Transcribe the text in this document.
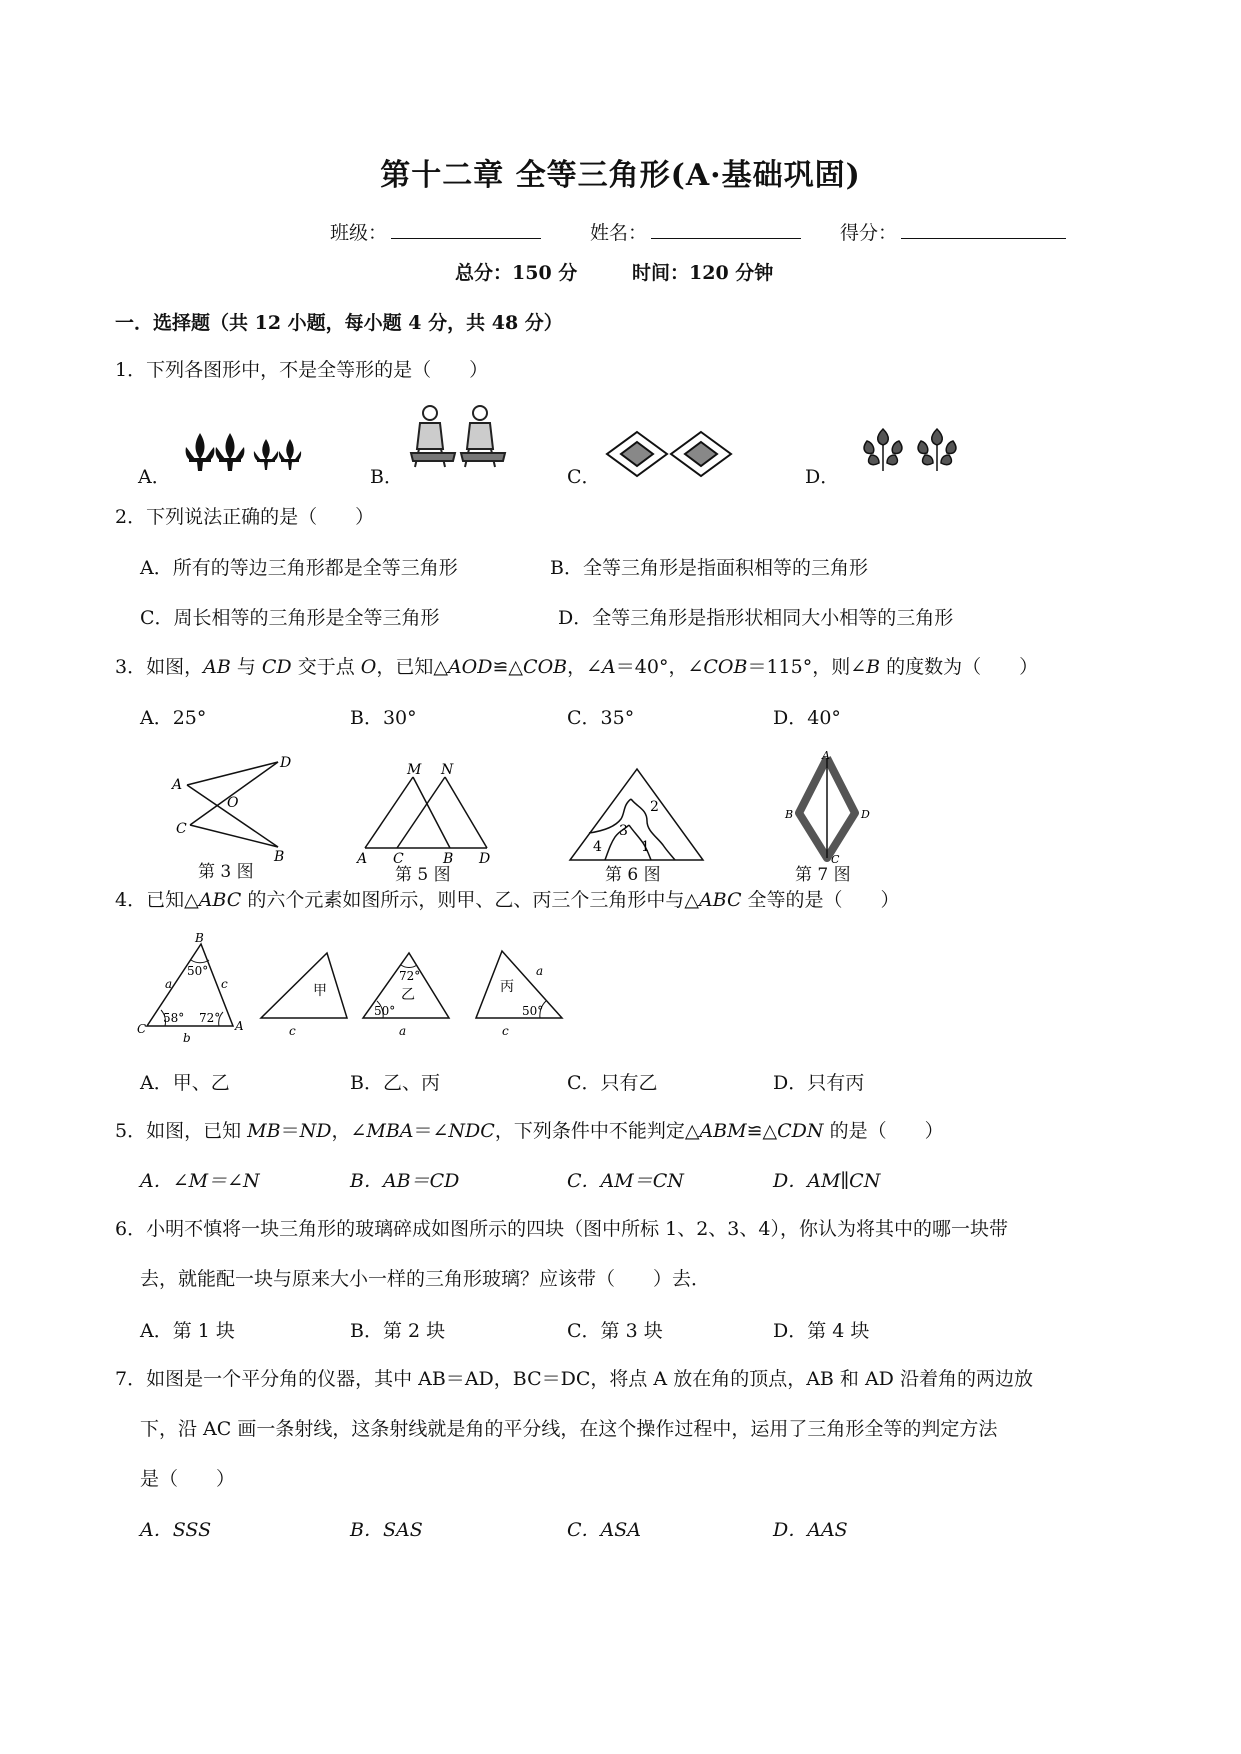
第十二章 全等三角形(A·基础巩固)
班级：	姓名：	得分：
总分：150 分	时间：120 分钟
一．选择题（共 12 小题，每小题 4 分，共 48 分）
1．下列各图形中，不是全等形的是（　　）
A．	B．	C．	D．
2．下列说法正确的是（　　）
A．所有的等边三角形都是全等三角形	B．全等三角形是指面积相等的三角形
C．周长相等的三角形是全等三角形	D．全等三角形是指形状相同大小相等的三角形
3．如图，AB 与 CD 交于点 O，已知△AOD≌△COB，∠A＝40°，∠COB＝115°，则∠B 的度数为（　　）
A．25°	B．30°	C．35°	D．40°
A
D
O
C
B
第 3 图
M N
A C	B D
第 5 图
2
3
4	1
第 6 图
A
B	D
C
第 7 图
4．已知△ABC 的六个元素如图所示，则甲、乙、丙三个三角形中与△ABC 全等的是（　　）
B
a
50°
c
58° 72°
C	A
b
甲
c
72°
乙
50°
a
丙
a
50°
c
A．甲、乙	B．乙、丙	C．只有乙	D．只有丙
5．如图，已知 MB＝ND，∠MBA＝∠NDC，下列条件中不能判定△ABM≌△CDN 的是（　　）
A．∠M＝∠N	B．AB＝CD	C．AM＝CN	D．AM∥CN
6．小明不慎将一块三角形的玻璃碎成如图所示的四块（图中所标 1、2、3、4），你认为将其中的哪一块带
去，就能配一块与原来大小一样的三角形玻璃？应该带（　　）去．
A．第 1 块	B．第 2 块	C．第 3 块	D．第 4 块
7．如图是一个平分角的仪器，其中 AB＝AD，BC＝DC，将点 A 放在角的顶点，AB 和 AD 沿着角的两边放
下，沿 AC 画一条射线，这条射线就是角的平分线，在这个操作过程中，运用了三角形全等的判定方法
是（　　）
A．SSS	B．SAS	C．ASA	D．AAS
